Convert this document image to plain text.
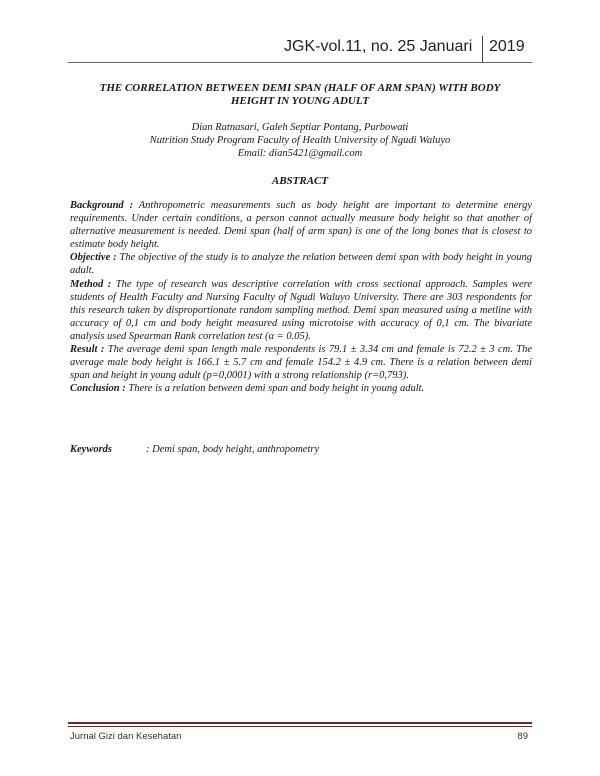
JGK-vol.11, no. 25 Januari 2019
THE CORRELATION BETWEEN DEMI SPAN (HALF OF ARM SPAN) WITH BODY
HEIGHT IN YOUNG ADULT
Dian Ratnasari, Galeh Septiar Pontang, Purbowati
Nutrition Study Program Faculty of Health University of Ngudi Waluyo
Email: dian5421@gmail.com
ABSTRACT

Background : Anthropometric measurements such as body height are important to determine energy requirements. Under certain conditions, a person cannot actually measure body height so that another of alternative measurement is needed. Demi span (half of arm span) is one of the long bones that is closest to estimate body height.

Objective : The objective of the study is to analyze the relation between demi span with body height in young adult.

Method : The type of research was descriptive correlation with cross sectional approach. Samples were students of Health Faculty and Nursing Faculty of Ngudi Waluyo University. There are 303 respondents for this research taken by disproportionate random sampling method. Demi span measured using a metline with accuracy of 0,1 cm and body height measured using microtoise with accuracy of 0,1 cm. The bivariate analysis used Spearman Rank correlation test (α = 0.05).

Result : The average demi span length male respondents is 79.1 ± 3.34 cm and female is 72.2 ± 3 cm. The average male body height is 166.1 ± 5.7 cm and female 154.2 ± 4.9 cm. There is a relation between demi span and height in young adult (p=0,0001) with a strong relationship (r=0,793).

Conclusion : There is a relation between demi span and body height in young adult.

Keywords	: Demi span, body height, anthropometry
Jurnal Gizi dan Kesehatan	89
